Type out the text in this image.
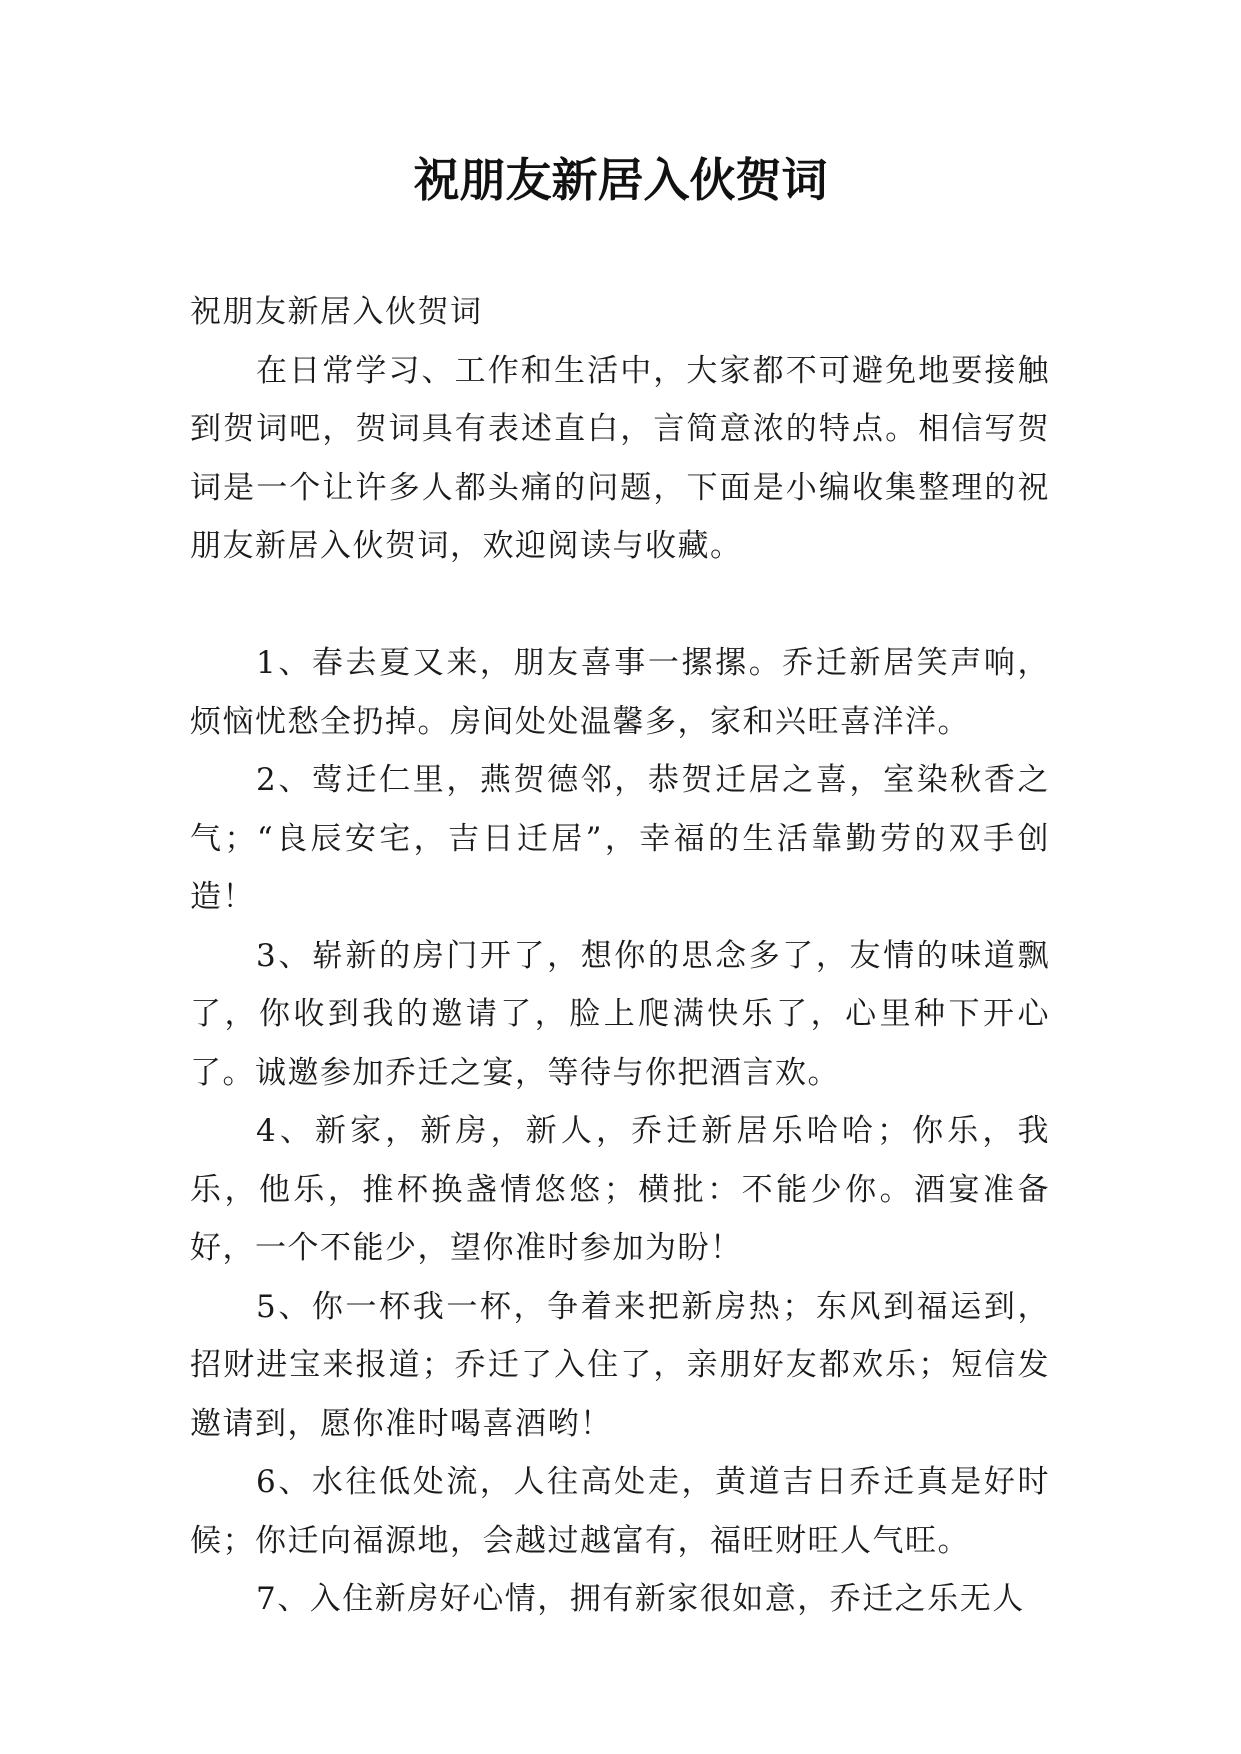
祝朋友新居入伙贺词

祝朋友新居入伙贺词

在日常学习、工作和生活中，大家都不可避免地要接触到贺词吧，贺词具有表述直白，言简意浓的特点。相信写贺词是一个让许多人都头痛的问题，下面是小编收集整理的祝朋友新居入伙贺词，欢迎阅读与收藏。

1、春去夏又来，朋友喜事一摞摞。乔迁新居笑声响，烦恼忧愁全扔掉。房间处处温馨多，家和兴旺喜洋洋。

2、莺迁仁里，燕贺德邻，恭贺迁居之喜，室染秋香之气；“良辰安宅，吉日迁居”，幸福的生活靠勤劳的双手创造！

3、崭新的房门开了，想你的思念多了，友情的味道飘了，你收到我的邀请了，脸上爬满快乐了，心里种下开心了。诚邀参加乔迁之宴，等待与你把酒言欢。

4、新家，新房，新人，乔迁新居乐哈哈；你乐，我乐，他乐，推杯换盏情悠悠；横批：不能少你。酒宴准备好，一个不能少，望你准时参加为盼！

5、你一杯我一杯，争着来把新房热；东风到福运到，招财进宝来报道；乔迁了入住了，亲朋好友都欢乐；短信发邀请到，愿你准时喝喜酒哟！

6、水往低处流，人往高处走，黄道吉日乔迁真是好时候；你迁向福源地，会越过越富有，福旺财旺人气旺。

7、入住新房好心情，拥有新家很如意，乔迁之乐无人
